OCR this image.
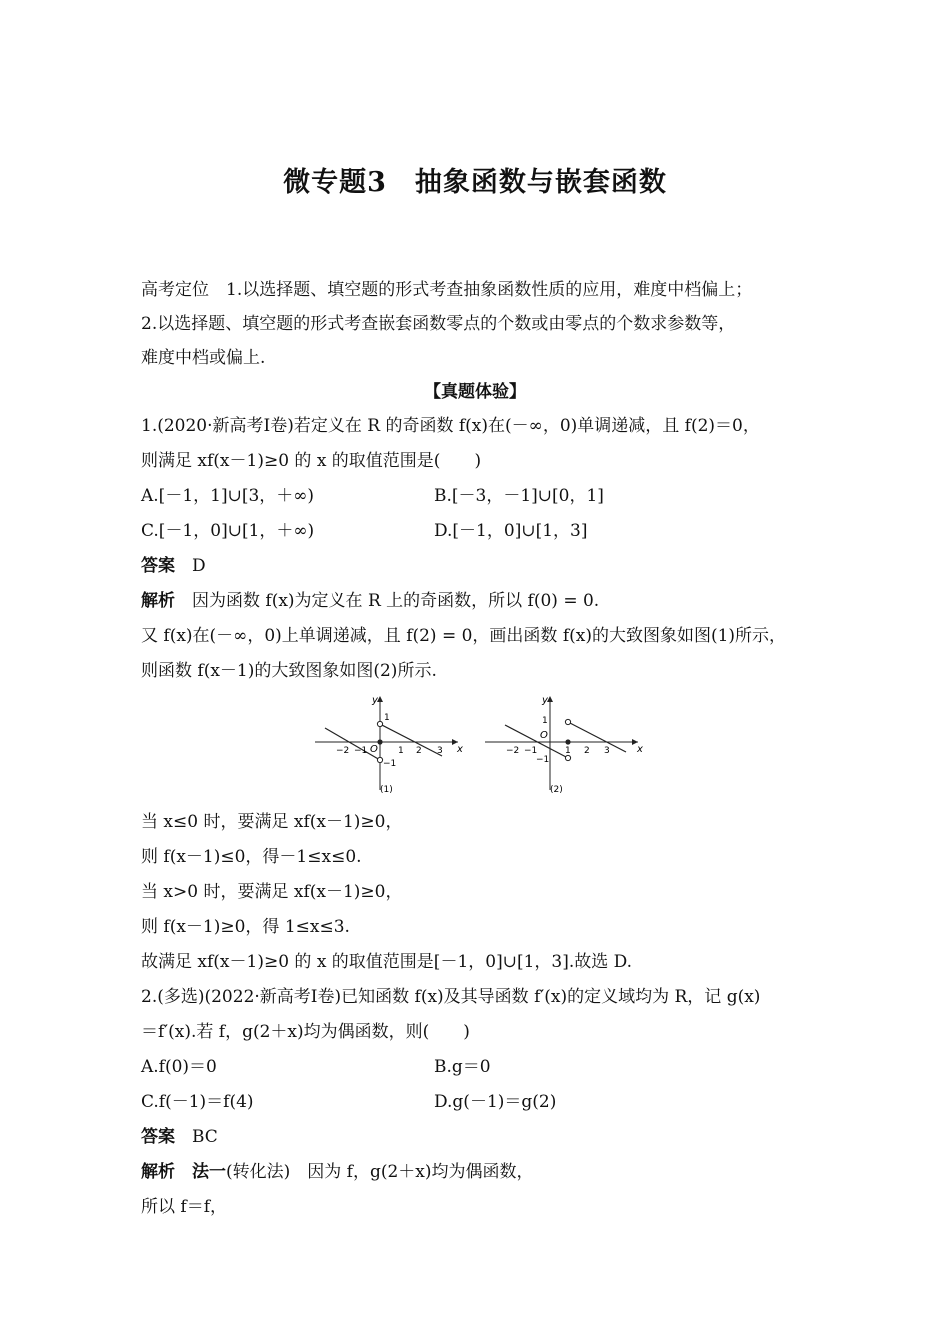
微专题3　抽象函数与嵌套函数
高考定位　1.以选择题、填空题的形式考查抽象函数性质的应用，难度中档偏上；
2.以选择题、填空题的形式考查嵌套函数零点的个数或由零点的个数求参数等，
难度中档或偏上.
【真题体验】
1.(2020·新高考Ⅰ卷)若定义在 R 的奇函数 f(x)在(－∞，0)单调递减，且 f(2)＝0，
则满足 xf(x－1)≥0 的 x 的取值范围是(　　)
A.[－1，1]∪[3，＋∞)	B.[－3，－1]∪[0，1]
C.[－1，0]∪[1，＋∞)	D.[－1，0]∪[1，3]
答案　 D
解析　 因为函数 f(x)为定义在 R 上的奇函数，所以 f(0) = 0.
又 f(x)在(－∞，0)上单调递减，且 f(2) = 0，画出函数 f(x)的大致图象如图(1)所示，
则函数 f(x－1)的大致图象如图(2)所示.
y
x
O
1
−1
−2 −1	1 2 3
(1)
y
x
O
1
−1
−2 −1	1 2 3
(2)
当 x≤0 时，要满足 xf(x－1)≥0，
则 f(x－1)≤0，得－1≤x≤0.
当 x>0 时，要满足 xf(x－1)≥0，
则 f(x－1)≥0，得 1≤x≤3.
故满足 xf(x－1)≥0 的 x 的取值范围是[－1，0]∪[1，3].故选 D.
2.(多选)(2022·新高考Ⅰ卷)已知函数 f(x)及其导函数 f′(x)的定义域均为 R，记 g(x)
＝f′(x).若 f，g(2＋x)均为偶函数，则(　　)
A.f(0)＝0	B.g＝0
C.f(－1)＝f(4)	D.g(－1)＝g(2)
答案　 BC
解析　 法一(转化法)　因为 f，g(2＋x)均为偶函数，
所以 f＝f，
